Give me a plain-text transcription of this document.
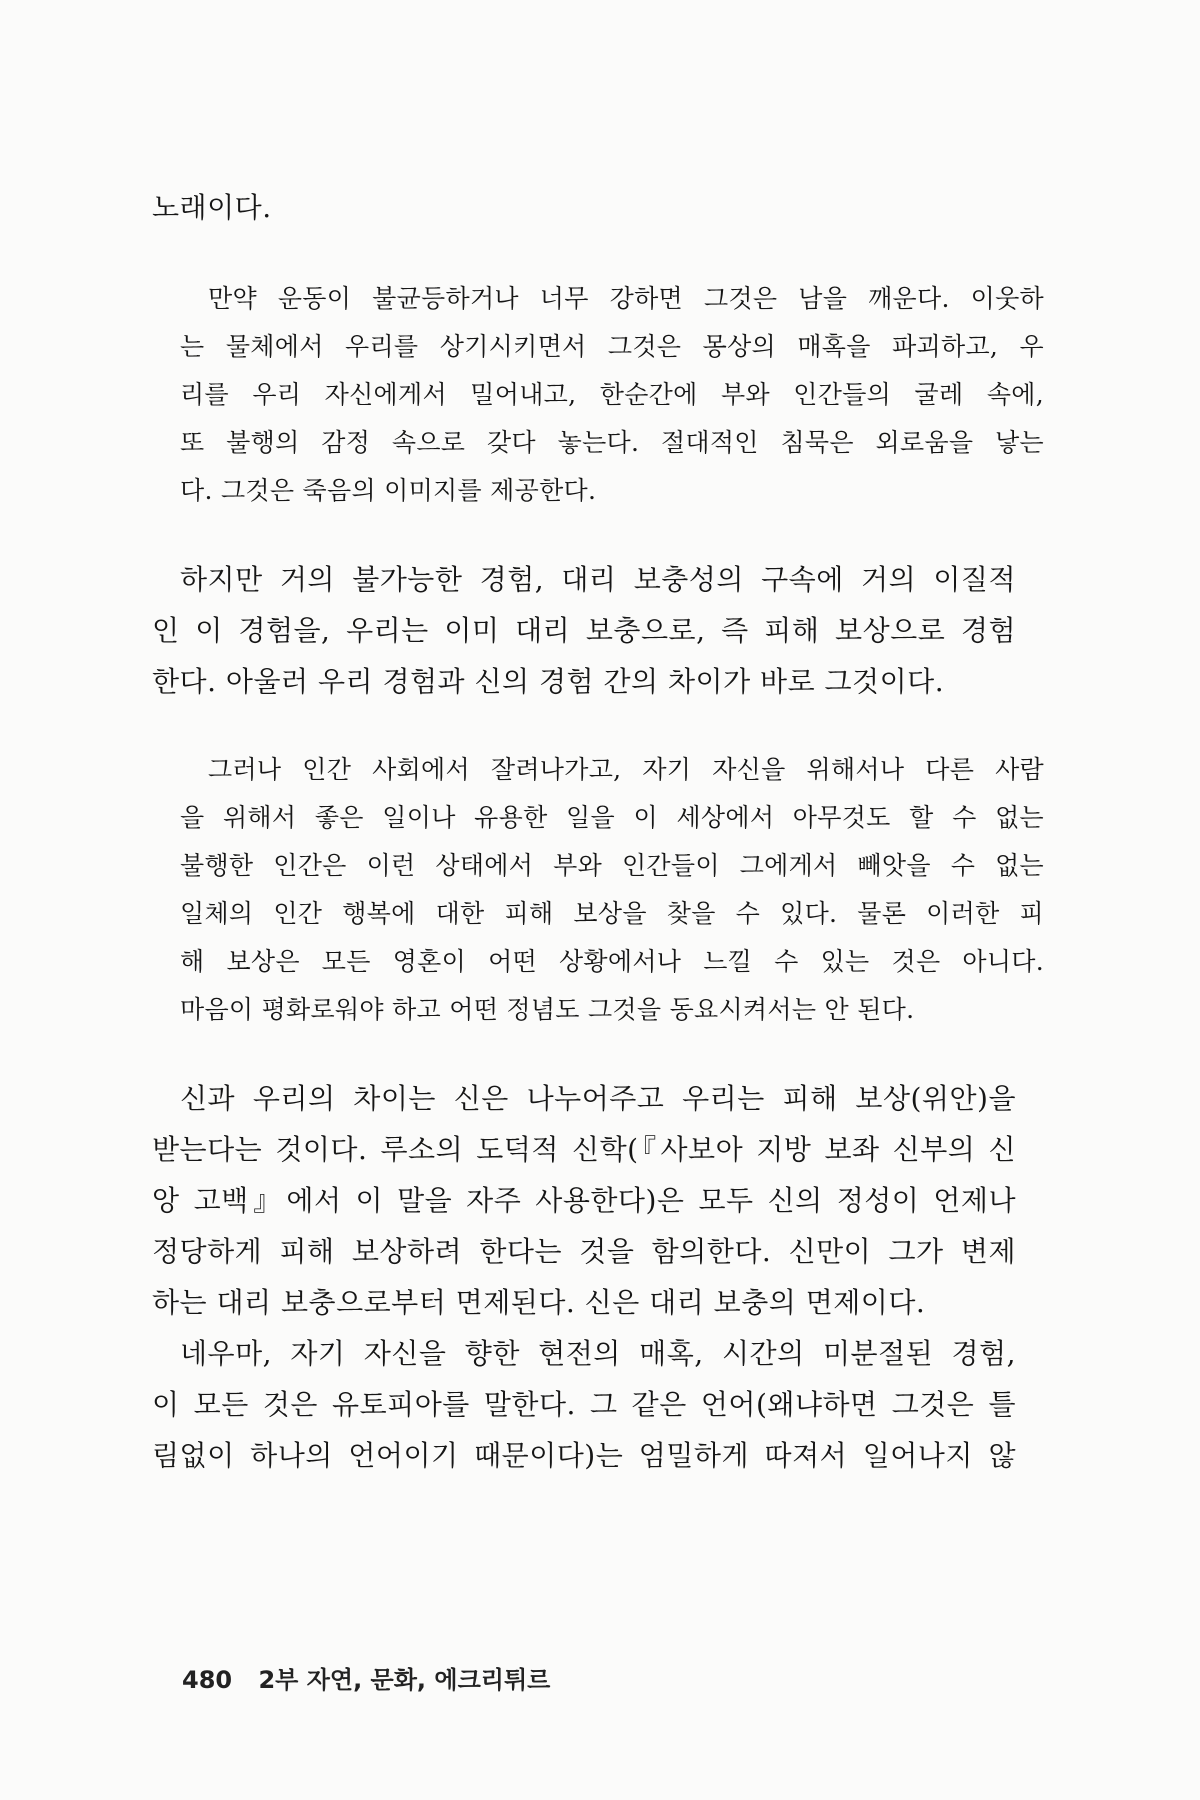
노래이다.
만약 운동이 불균등하거나 너무 강하면 그것은 남을 깨운다. 이웃하
는 물체에서 우리를 상기시키면서 그것은 몽상의 매혹을 파괴하고, 우
리를 우리 자신에게서 밀어내고, 한순간에 부와 인간들의 굴레 속에,
또 불행의 감정 속으로 갖다 놓는다. 절대적인 침묵은 외로움을 낳는
다. 그것은 죽음의 이미지를 제공한다.
하지만 거의 불가능한 경험, 대리 보충성의 구속에 거의 이질적
인 이 경험을, 우리는 이미 대리 보충으로, 즉 피해 보상으로 경험
한다. 아울러 우리 경험과 신의 경험 간의 차이가 바로 그것이다.
그러나 인간 사회에서 잘려나가고, 자기 자신을 위해서나 다른 사람
을 위해서 좋은 일이나 유용한 일을 이 세상에서 아무것도 할 수 없는
불행한 인간은 이런 상태에서 부와 인간들이 그에게서 빼앗을 수 없는
일체의 인간 행복에 대한 피해 보상을 찾을 수 있다. 물론 이러한 피
해 보상은 모든 영혼이 어떤 상황에서나 느낄 수 있는 것은 아니다.
마음이 평화로워야 하고 어떤 정념도 그것을 동요시켜서는 안 된다.
신과 우리의 차이는 신은 나누어주고 우리는 피해 보상(위안)을
받는다는 것이다. 루소의 도덕적 신학(『사보아 지방 보좌 신부의 신
앙 고백』에서 이 말을 자주 사용한다)은 모두 신의 정성이 언제나
정당하게 피해 보상하려 한다는 것을 함의한다. 신만이 그가 변제
하는 대리 보충으로부터 면제된다. 신은 대리 보충의 면제이다.
네우마, 자기 자신을 향한 현전의 매혹, 시간의 미분절된 경험,
이 모든 것은 유토피아를 말한다. 그 같은 언어(왜냐하면 그것은 틀
림없이 하나의 언어이기 때문이다)는 엄밀하게 따져서 일어나지 않
480 2부 자연, 문화, 에크리튀르
